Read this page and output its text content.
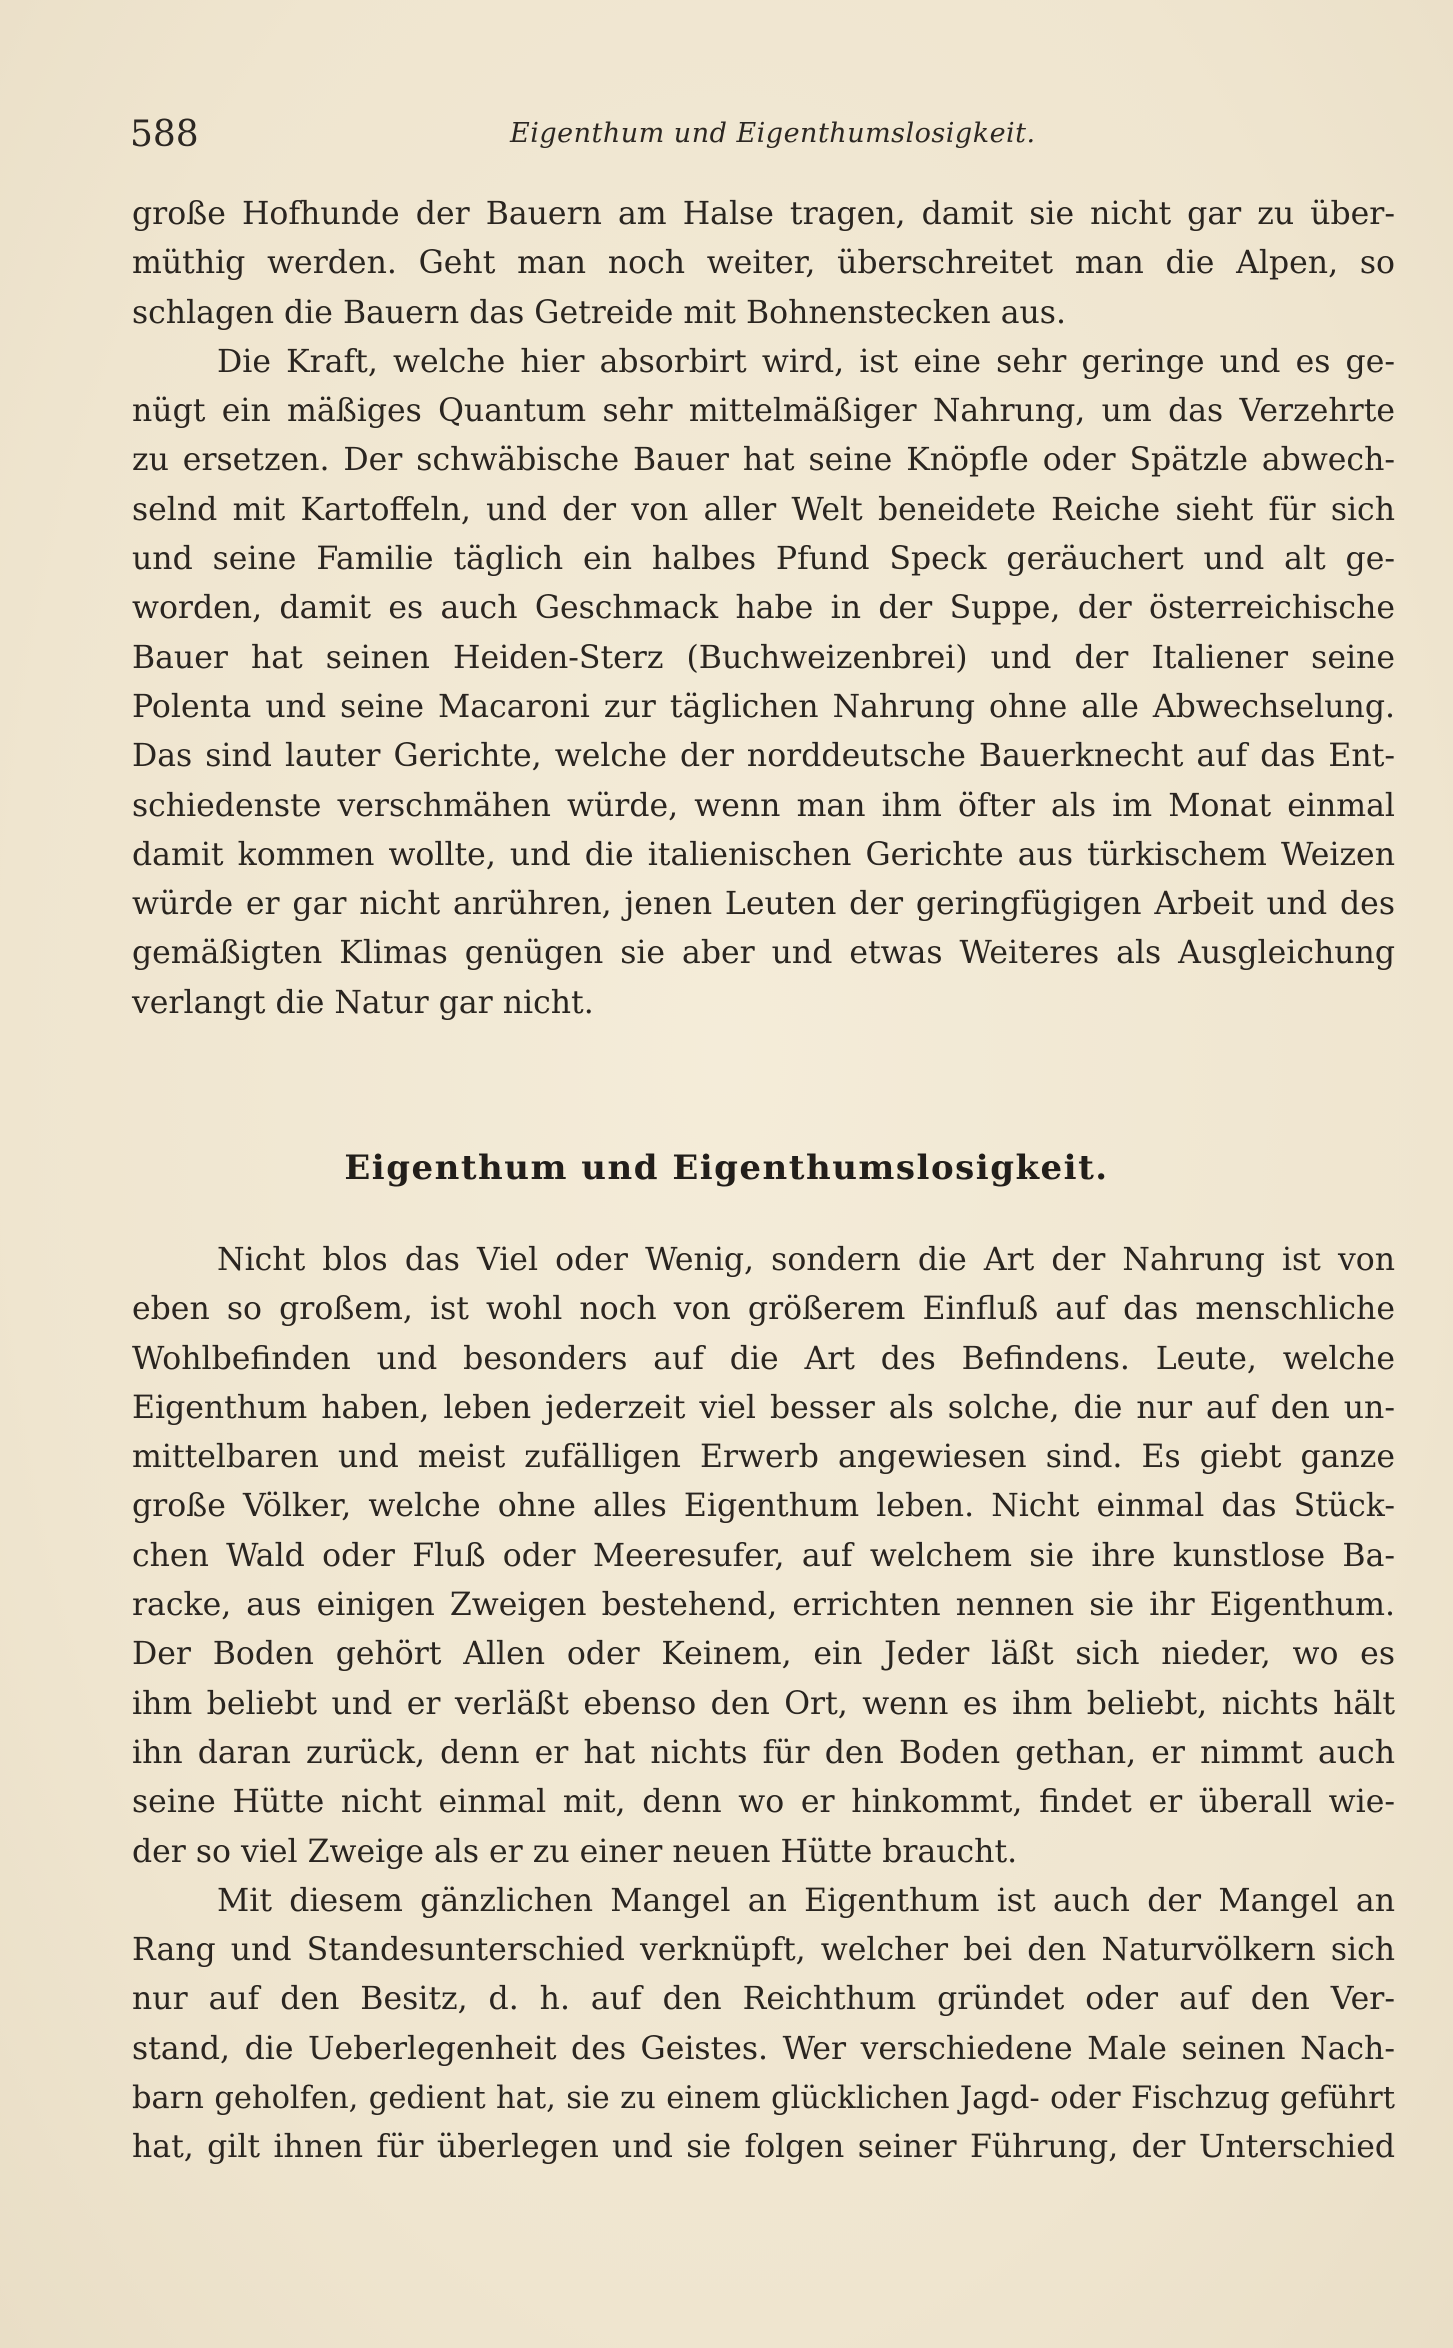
588	Eigenthum und Eigenthumslosigkeit.
große Hofhunde der Bauern am Halse tragen, damit sie nicht gar zu über-
müthig werden. Geht man noch weiter, überschreitet man die Alpen, so
schlagen die Bauern das Getreide mit Bohnenstecken aus.
Die Kraft, welche hier absorbirt wird, ist eine sehr geringe und es ge-
nügt ein mäßiges Quantum sehr mittelmäßiger Nahrung, um das Verzehrte
zu ersetzen. Der schwäbische Bauer hat seine Knöpfle oder Spätzle abwech-
selnd mit Kartoffeln, und der von aller Welt beneidete Reiche sieht für sich
und seine Familie täglich ein halbes Pfund Speck geräuchert und alt ge-
worden, damit es auch Geschmack habe in der Suppe, der österreichische
Bauer hat seinen Heiden-Sterz (Buchweizenbrei) und der Italiener seine
Polenta und seine Macaroni zur täglichen Nahrung ohne alle Abwechselung.
Das sind lauter Gerichte, welche der norddeutsche Bauerknecht auf das Ent-
schiedenste verschmähen würde, wenn man ihm öfter als im Monat einmal
damit kommen wollte, und die italienischen Gerichte aus türkischem Weizen
würde er gar nicht anrühren, jenen Leuten der geringfügigen Arbeit und des
gemäßigten Klimas genügen sie aber und etwas Weiteres als Ausgleichung
verlangt die Natur gar nicht.
Eigenthum und Eigenthumslosigkeit.
Nicht blos das Viel oder Wenig, sondern die Art der Nahrung ist von
eben so großem, ist wohl noch von größerem Einfluß auf das menschliche
Wohlbefinden und besonders auf die Art des Befindens. Leute, welche
Eigenthum haben, leben jederzeit viel besser als solche, die nur auf den un-
mittelbaren und meist zufälligen Erwerb angewiesen sind. Es giebt ganze
große Völker, welche ohne alles Eigenthum leben. Nicht einmal das Stück-
chen Wald oder Fluß oder Meeresufer, auf welchem sie ihre kunstlose Ba-
racke, aus einigen Zweigen bestehend, errichten nennen sie ihr Eigenthum.
Der Boden gehört Allen oder Keinem, ein Jeder läßt sich nieder, wo es
ihm beliebt und er verläßt ebenso den Ort, wenn es ihm beliebt, nichts hält
ihn daran zurück, denn er hat nichts für den Boden gethan, er nimmt auch
seine Hütte nicht einmal mit, denn wo er hinkommt, findet er überall wie-
der so viel Zweige als er zu einer neuen Hütte braucht.
Mit diesem gänzlichen Mangel an Eigenthum ist auch der Mangel an
Rang und Standesunterschied verknüpft, welcher bei den Naturvölkern sich
nur auf den Besitz, d. h. auf den Reichthum gründet oder auf den Ver-
stand, die Ueberlegenheit des Geistes. Wer verschiedene Male seinen Nach-
barn geholfen, gedient hat, sie zu einem glücklichen Jagd- oder Fischzug geführt
hat, gilt ihnen für überlegen und sie folgen seiner Führung, der Unterschied
